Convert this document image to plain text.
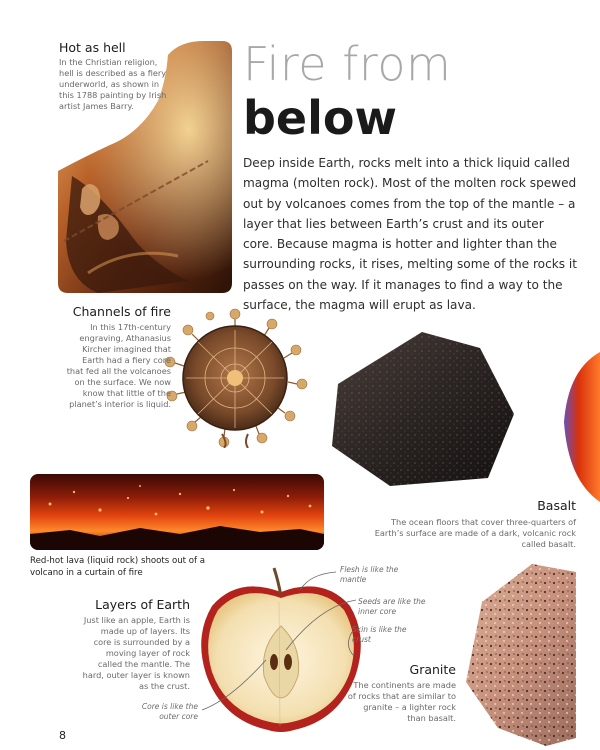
Hot as hell

In the Christian religion, hell is described as a fiery underworld, as shown in this 1788 painting by Irish artist James Barry.

Fire from
below

Deep inside Earth, rocks melt into a thick liquid called magma (molten rock). Most of the molten rock spewed out by volcanoes comes from the top of the mantle – a layer that lies between Earth’s crust and its outer core. Because magma is hotter and lighter than the surrounding rocks, it rises, melting some of the rocks it passes on the way. If it manages to find a way to the surface, the magma will erupt as lava.

Channels of fire

In this 17th-century engraving, Athanasius Kircher imagined that Earth had a fiery core that fed all the volcanoes on the surface. We now know that little of the planet’s interior is liquid.

Basalt

The ocean floors that cover three-quarters of Earth’s surface are made of a dark, volcanic rock called basalt.

Red-hot lava (liquid rock) shoots out of a volcano in a curtain of fire	Flesh is like the mantle

Seeds are like the inner core

Skin is like the crust

Core is like the outer core

Layers of Earth

Just like an apple, Earth is made up of layers. Its core is surrounded by a moving layer of rock called the mantle. The hard, outer layer is known as the crust.

Granite

The continents are made of rocks that are similar to granite – a lighter rock than basalt.

8
